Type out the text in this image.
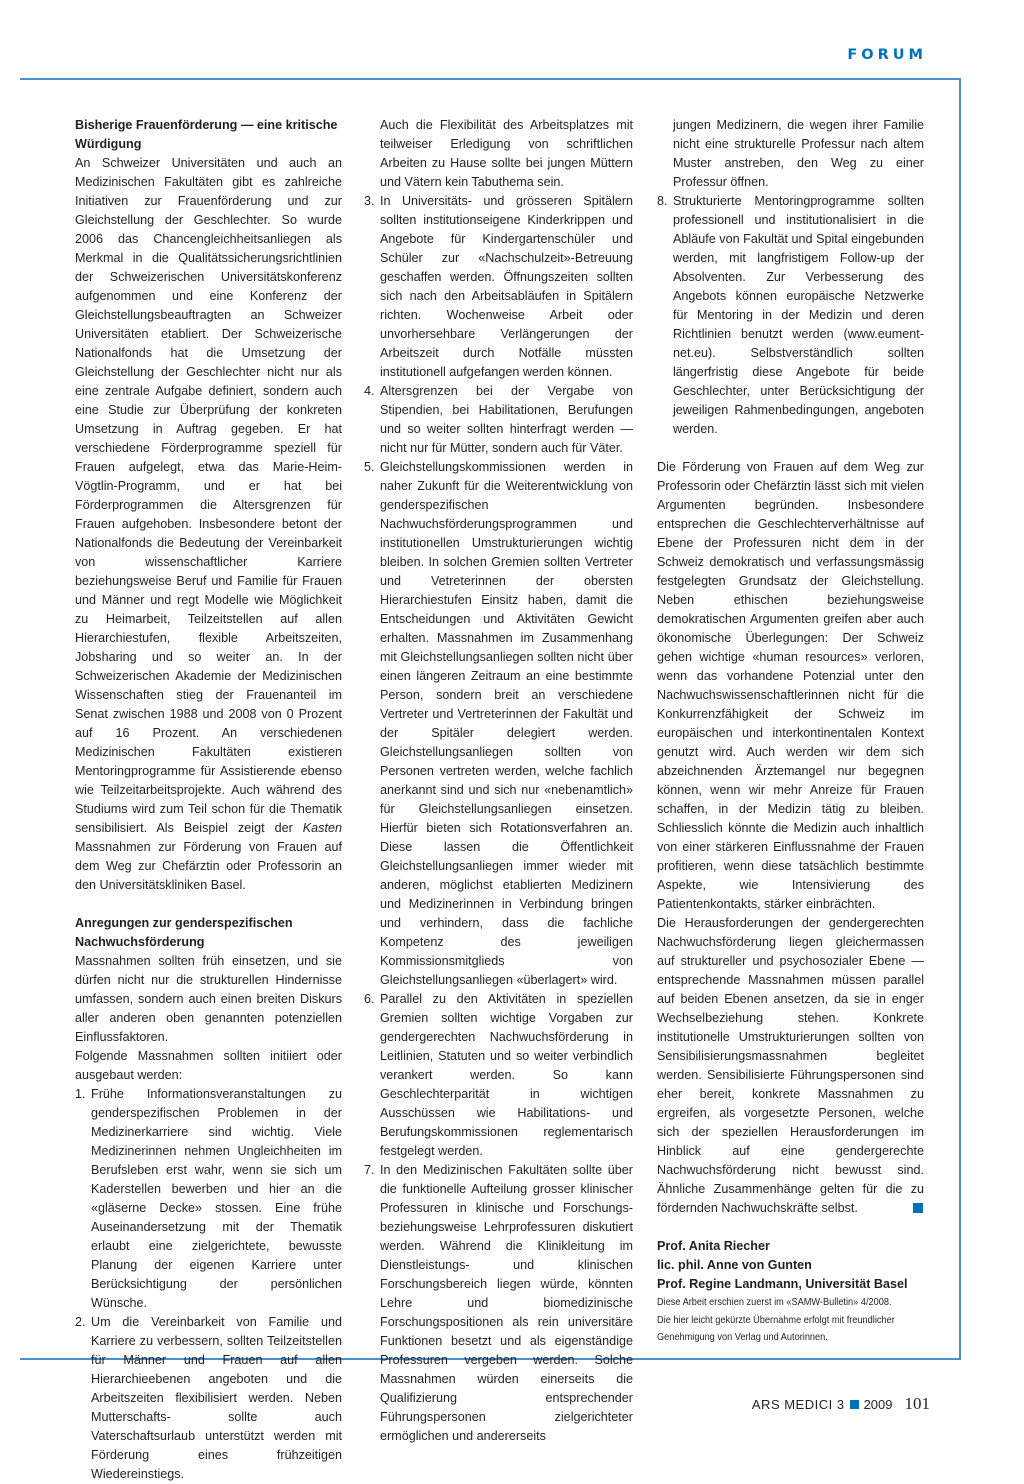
FORUM

Bisherige Frauenförderung — eine kritische Würdigung

An Schweizer Universitäten und auch an Medizinischen Fakultäten gibt es zahlreiche Initiativen zur Frauenförderung und zur Gleichstellung der Geschlechter. So wurde 2006 das Chancengleichheitsanliegen als Merkmal in die Qualitätssicherungsrichtlinien der Schweizerischen Universitätskonferenz aufgenommen und eine Konferenz der Gleichstellungsbeauftragten an Schweizer Universitäten etabliert. Der Schweizerische Nationalfonds hat die Umsetzung der Gleichstellung der Geschlechter nicht nur als eine zentrale Aufgabe definiert, sondern auch eine Studie zur Überprüfung der konkreten Umsetzung in Auftrag gegeben. Er hat verschiedene Förderprogramme speziell für Frauen aufgelegt, etwa das Marie-Heim-Vögtlin-Programm, und er hat bei Förderprogrammen die Altersgrenzen für Frauen aufgehoben. Insbesondere betont der Nationalfonds die Bedeutung der Vereinbarkeit von wissenschaftlicher Karriere beziehungsweise Beruf und Familie für Frauen und Männer und regt Modelle wie Möglichkeit zu Heimarbeit, Teilzeitstellen auf allen Hierarchiestufen, flexible Arbeitszeiten, Jobsharing und so weiter an. In der Schweizerischen Akademie der Medizinischen Wissenschaften stieg der Frauenanteil im Senat zwischen 1988 und 2008 von 0 Prozent auf 16 Prozent. An verschiedenen Medizinischen Fakultäten existieren Mentoringprogramme für Assistierende ebenso wie Teilzeitarbeitsprojekte. Auch während des Studiums wird zum Teil schon für die Thematik sensibilisiert. Als Beispiel zeigt der Kasten Massnahmen zur Förderung von Frauen auf dem Weg zur Chefärztin oder Professorin an den Universitätskliniken Basel.

Anregungen zur genderspezifischen Nachwuchsförderung

Massnahmen sollten früh einsetzen, und sie dürfen nicht nur die strukturellen Hindernisse umfassen, sondern auch einen breiten Diskurs aller anderen oben genannten potenziellen Einflussfaktoren.

Folgende Massnahmen sollten initiiert oder ausgebaut werden:

1. Frühe Informationsveranstaltungen zu genderspezifischen Problemen in der Medizinerkarriere sind wichtig. Viele Medizinerinnen nehmen Ungleichheiten im Berufsleben erst wahr, wenn sie sich um Kaderstellen bewerben und hier an die «gläserne Decke» stossen. Eine frühe Auseinandersetzung mit der Thematik erlaubt eine zielgerichtete, bewusste Planung der eigenen Karriere unter Berücksichtigung der persönlichen Wünsche.
2. Um die Vereinbarkeit von Familie und Karriere zu verbessern, sollten Teilzeitstellen für Männer und Frauen auf allen Hierarchieebenen angeboten und die Arbeitszeiten flexibilisiert werden. Neben Mutterschafts- sollte auch Vaterschaftsurlaub unterstützt werden mit Förderung eines frühzeitigen Wiedereinstiegs.
Auch die Flexibilität des Arbeitsplatzes mit teilweiser Erledigung von schriftlichen Arbeiten zu Hause sollte bei jungen Müttern und Vätern kein Tabuthema sein.
3. In Universitäts- und grösseren Spitälern sollten institutionseigene Kinderkrippen und Angebote für Kindergartenschüler und Schüler zur «Nachschulzeit»-Betreuung geschaffen werden. Öffnungszeiten sollten sich nach den Arbeitsabläufen in Spitälern richten. Wochenweise Arbeit oder unvorhersehbare Verlängerungen der Arbeitszeit durch Notfälle müssten institutionell aufgefangen werden können.
4. Altersgrenzen bei der Vergabe von Stipendien, bei Habilitationen, Berufungen und so weiter sollten hinterfragt werden — nicht nur für Mütter, sondern auch für Väter.
5. Gleichstellungskommissionen werden in naher Zukunft für die Weiterentwicklung von genderspezifischen Nachwuchsförderungsprogrammen und institutionellen Umstrukturierungen wichtig bleiben. In solchen Gremien sollten Vertreter und Vetreterinnen der obersten Hierarchiestufen Einsitz haben, damit die Entscheidungen und Aktivitäten Gewicht erhalten. Massnahmen im Zusammenhang mit Gleichstellungsanliegen sollten nicht über einen längeren Zeitraum an eine bestimmte Person, sondern breit an verschiedene Vertreter und Vertreterinnen der Fakultät und der Spitäler delegiert werden. Gleichstellungsanliegen sollten von Personen vertreten werden, welche fachlich anerkannt sind und sich nur «nebenamtlich» für Gleichstellungsanliegen einsetzen. Hierfür bieten sich Rotationsverfahren an. Diese lassen die Öffentlichkeit Gleichstellungsanliegen immer wieder mit anderen, möglichst etablierten Medizinern und Medizinerinnen in Verbindung bringen und verhindern, dass die fachliche Kompetenz des jeweiligen Kommissionsmitglieds von Gleichstellungsanliegen «überlagert» wird.
6. Parallel zu den Aktivitäten in speziellen Gremien sollten wichtige Vorgaben zur gendergerechten Nachwuchsförderung in Leitlinien, Statuten und so weiter verbindlich verankert werden. So kann Geschlechterparität in wichtigen Ausschüssen wie Habilitations- und Berufungskommissionen reglementarisch festgelegt werden.
7. In den Medizinischen Fakultäten sollte über die funktionelle Aufteilung grosser klinischer Professuren in klinische und Forschungs- beziehungsweise Lehrprofessuren diskutiert werden. Während die Klinikleitung im Dienstleistungs- und klinischen Forschungsbereich liegen würde, könnten Lehre und biomedizinische Forschungspositionen als rein universitäre Funktionen besetzt und als eigenständige Professuren vergeben werden. Solche Massnahmen würden einerseits die Qualifizierung entsprechender Führungspersonen zielgerichteter ermöglichen und andererseits
jungen Medizinern, die wegen ihrer Familie nicht eine strukturelle Professur nach altem Muster anstreben, den Weg zu einer Professur öffnen.
8. Strukturierte Mentoringprogramme sollten professionell und institutionalisiert in die Abläufe von Fakultät und Spital eingebunden werden, mit langfristigem Follow-up der Absolventen. Zur Verbesserung des Angebots können europäische Netzwerke für Mentoring in der Medizin und deren Richtlinien benutzt werden (www.eument-net.eu). Selbstverständlich sollten längerfristig diese Angebote für beide Geschlechter, unter Berücksichtigung der jeweiligen Rahmenbedingungen, angeboten werden.

Die Förderung von Frauen auf dem Weg zur Professorin oder Chefärztin lässt sich mit vielen Argumenten begründen. Insbesondere entsprechen die Geschlechterverhältnisse auf Ebene der Professuren nicht dem in der Schweiz demokratisch und verfassungsmässig festgelegten Grundsatz der Gleichstellung. Neben ethischen beziehungsweise demokratischen Argumenten greifen aber auch ökonomische Überlegungen: Der Schweiz gehen wichtige «human resources» verloren, wenn das vorhandene Potenzial unter den Nachwuchswissenschaftlerinnen nicht für die Konkurrenzfähigkeit der Schweiz im europäischen und interkontinentalen Kontext genutzt wird. Auch werden wir dem sich abzeichnenden Ärztemangel nur begegnen können, wenn wir mehr Anreize für Frauen schaffen, in der Medizin tätig zu bleiben. Schliesslich könnte die Medizin auch inhaltlich von einer stärkeren Einflussnahme der Frauen profitieren, wenn diese tatsächlich bestimmte Aspekte, wie Intensivierung des Patientenkontakts, stärker einbrächten.

Die Herausforderungen der gendergerechten Nachwuchsförderung liegen gleichermassen auf struktureller und psychosozialer Ebene — entsprechende Massnahmen müssen parallel auf beiden Ebenen ansetzen, da sie in enger Wechselbeziehung stehen. Konkrete institutionelle Umstrukturierungen sollten von Sensibilisierungsmassnahmen begleitet werden. Sensibilisierte Führungspersonen sind eher bereit, konkrete Massnahmen zu ergreifen, als vorgesetzte Personen, welche sich der speziellen Herausforderungen im Hinblick auf eine gendergerechte Nachwuchsförderung nicht bewusst sind. Ähnliche Zusammenhänge gelten für die zu fördernden Nachwuchskräfte selbst.

Prof. Anita Riecher

lic. phil. Anne von Gunten

Prof. Regine Landmann, Universität Basel

Diese Arbeit erschien zuerst im «SAMW-Bulletin» 4/2008.

Die hier leicht gekürzte Übernahme erfolgt mit freundlicher

Genehmigung von Verlag und Autorinnen.

ARS MEDICI 3 2009 101
